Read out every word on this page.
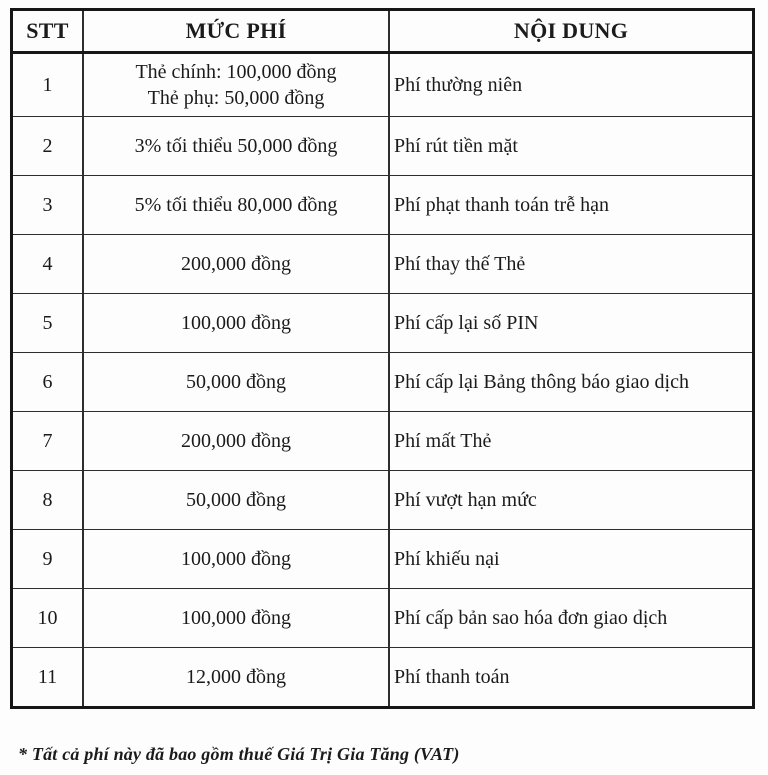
STT	MỨC PHÍ	NỘI DUNG
1	Thẻ chính: 100,000 đồng
Thẻ phụ: 50,000 đồng	Phí thường niên
2	3% tối thiểu 50,000 đồng	Phí rút tiền mặt
3	5% tối thiểu 80,000 đồng	Phí phạt thanh toán trễ hạn
4	200,000 đồng	Phí thay thế Thẻ
5	100,000 đồng	Phí cấp lại số PIN
6	50,000 đồng	Phí cấp lại Bảng thông báo giao dịch
7	200,000 đồng	Phí mất Thẻ
8	50,000 đồng	Phí vượt hạn mức
9	100,000 đồng	Phí khiếu nại
10	100,000 đồng	Phí cấp bản sao hóa đơn giao dịch
11	12,000 đồng	Phí thanh toán

* Tất cả phí này đã bao gồm thuế Giá Trị Gia Tăng (VAT)
